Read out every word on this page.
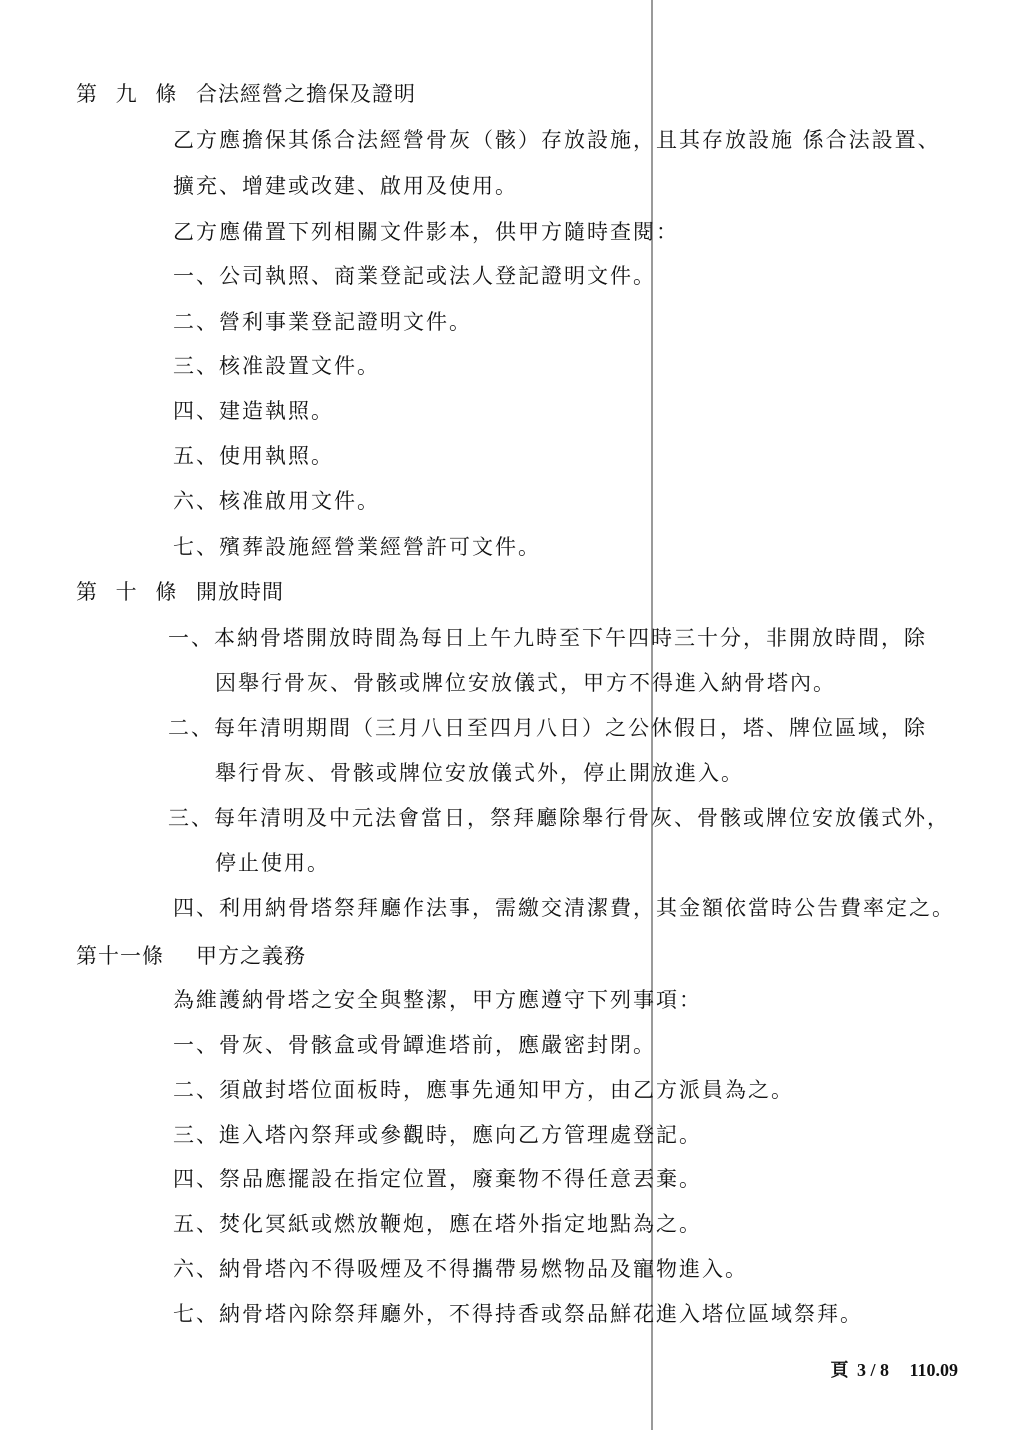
第 九 條 合法經營之擔保及證明
乙方應擔保其係合法經營骨灰（骸）存放設施，且其存放設施 係合法設置、
擴充、增建或改建、啟用及使用。
乙方應備置下列相關文件影本，供甲方隨時查閱：
一、公司執照、商業登記或法人登記證明文件。
二、營利事業登記證明文件。
三、核准設置文件。
四、建造執照。
五、使用執照。
六、核准啟用文件。
七、殯葬設施經營業經營許可文件。
第 十 條 開放時間
一、本納骨塔開放時間為每日上午九時至下午四時三十分，非開放時間，除
因舉行骨灰、骨骸或牌位安放儀式，甲方不得進入納骨塔內。
二、每年清明期間（三月八日至四月八日）之公休假日，塔、牌位區域，除
舉行骨灰、骨骸或牌位安放儀式外，停止開放進入。
三、每年清明及中元法會當日，祭拜廳除舉行骨灰、骨骸或牌位安放儀式外，
停止使用。
四、利用納骨塔祭拜廳作法事，需繳交清潔費，其金額依當時公告費率定之。
第十一條 甲方之義務
為維護納骨塔之安全與整潔，甲方應遵守下列事項：
一、骨灰、骨骸盒或骨罈進塔前，應嚴密封閉。
二、須啟封塔位面板時，應事先通知甲方，由乙方派員為之。
三、進入塔內祭拜或參觀時，應向乙方管理處登記。
四、祭品應擺設在指定位置，廢棄物不得任意丟棄。
五、焚化冥紙或燃放鞭炮，應在塔外指定地點為之。
六、納骨塔內不得吸煙及不得攜帶易燃物品及寵物進入。
七、納骨塔內除祭拜廳外，不得持香或祭品鮮花進入塔位區域祭拜。
頁 3 / 8 110.09
